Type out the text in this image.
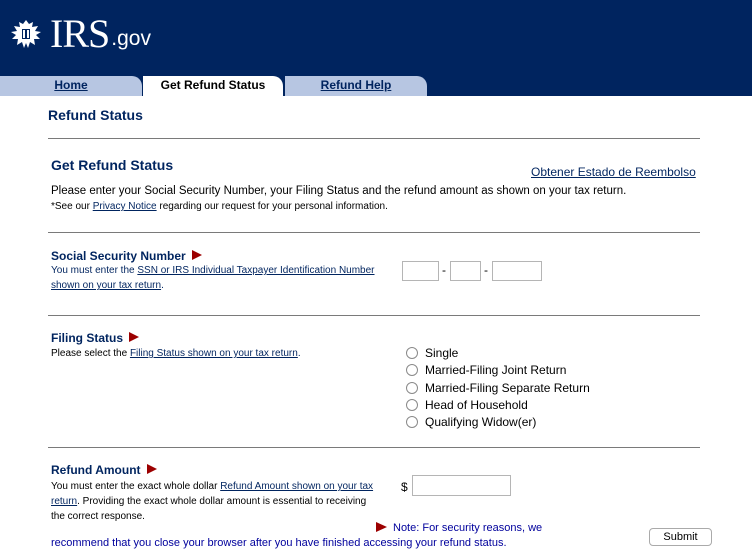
IRS .gov
Home	Get Refund Status	Refund Help
Refund Status
Get Refund Status	Obtener Estado de Reembolso
Please enter your Social Security Number, your Filing Status and the refund amount as shown on your tax return.
*See our Privacy Notice regarding our request for your personal information.
Social Security Number
You must enter the SSN or IRS Individual Taxpayer Identification Number shown on your tax return.
-	-
Filing Status
Please select the Filing Status shown on your tax return.	Single
Married-Filing Joint Return
Married-Filing Separate Return
Head of Household
Qualifying Widow(er)
Refund Amount
You must enter the exact whole dollar Refund Amount shown on your tax return. Providing the exact whole dollar amount is essential to receiving the correct response.
$
Note: For security reasons, we
recommend that you close your browser after you have finished accessing your refund status.	Submit
